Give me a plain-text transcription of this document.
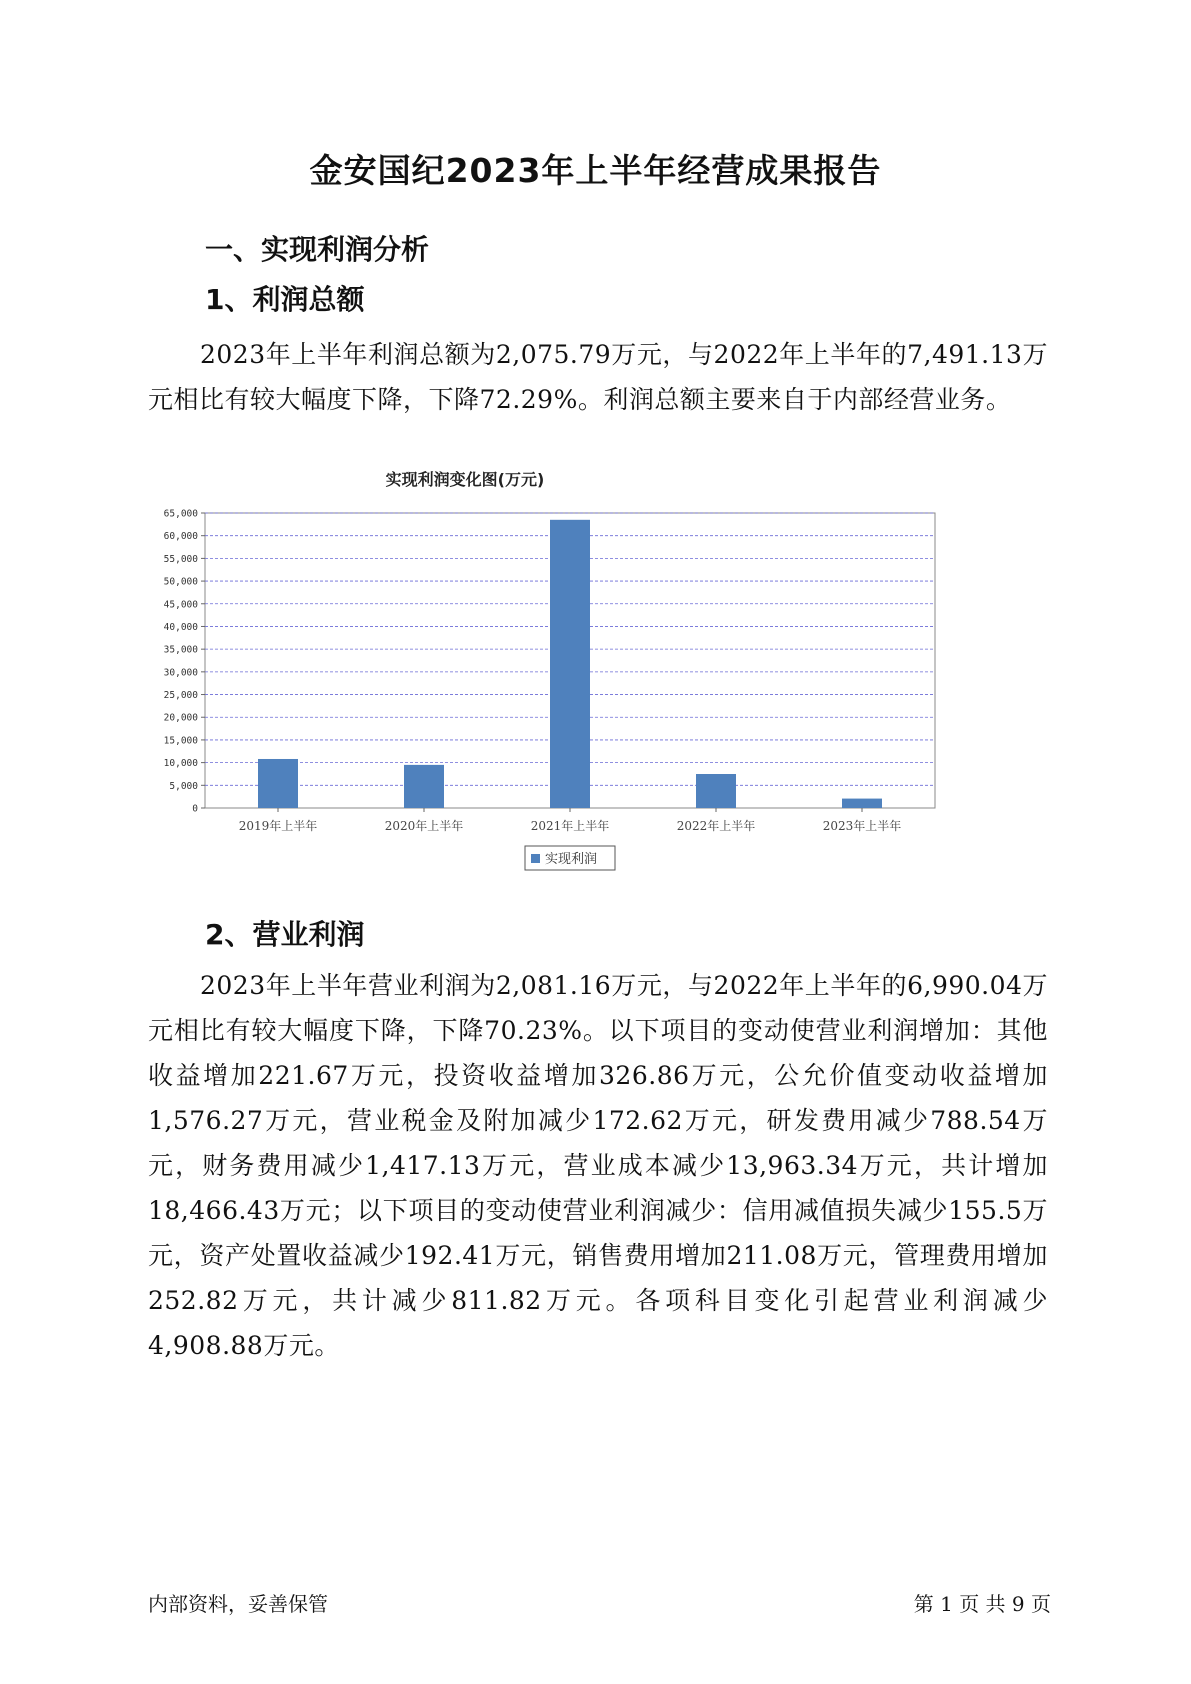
金安国纪2023年上半年经营成果报告
一、实现利润分析
1、利润总额
2023年上半年利润总额为2,075.79万元，与2022年上半年的7,491.13万元相比有较大幅度下降，下降72.29%。利润总额主要来自于内部经营业务。
实现利润变化图(万元)
0
5,000
10,000
15,000
20,000
25,000
30,000
35,000
40,000
45,000
50,000
55,000
60,000
65,000
2019年上半年	2020年上半年	2021年上半年	2022年上半年	2023年上半年
实现利润
2、营业利润
2023年上半年营业利润为2,081.16万元，与2022年上半年的6,990.04万元相比有较大幅度下降，下降70.23%。以下项目的变动使营业利润增加：其他收益增加221.67万元，投资收益增加326.86万元，公允价值变动收益增加1,576.27万元，营业税金及附加减少172.62万元，研发费用减少788.54万元，财务费用减少1,417.13万元，营业成本减少13,963.34万元，共计增加18,466.43万元；以下项目的变动使营业利润减少：信用减值损失减少155.5万元，资产处置收益减少192.41万元，销售费用增加211.08万元，管理费用增加252.82万元，共计减少811.82万元。各项科目变化引起营业利润减少4,908.88万元。
内部资料，妥善保管	第 1 页 共 9 页
